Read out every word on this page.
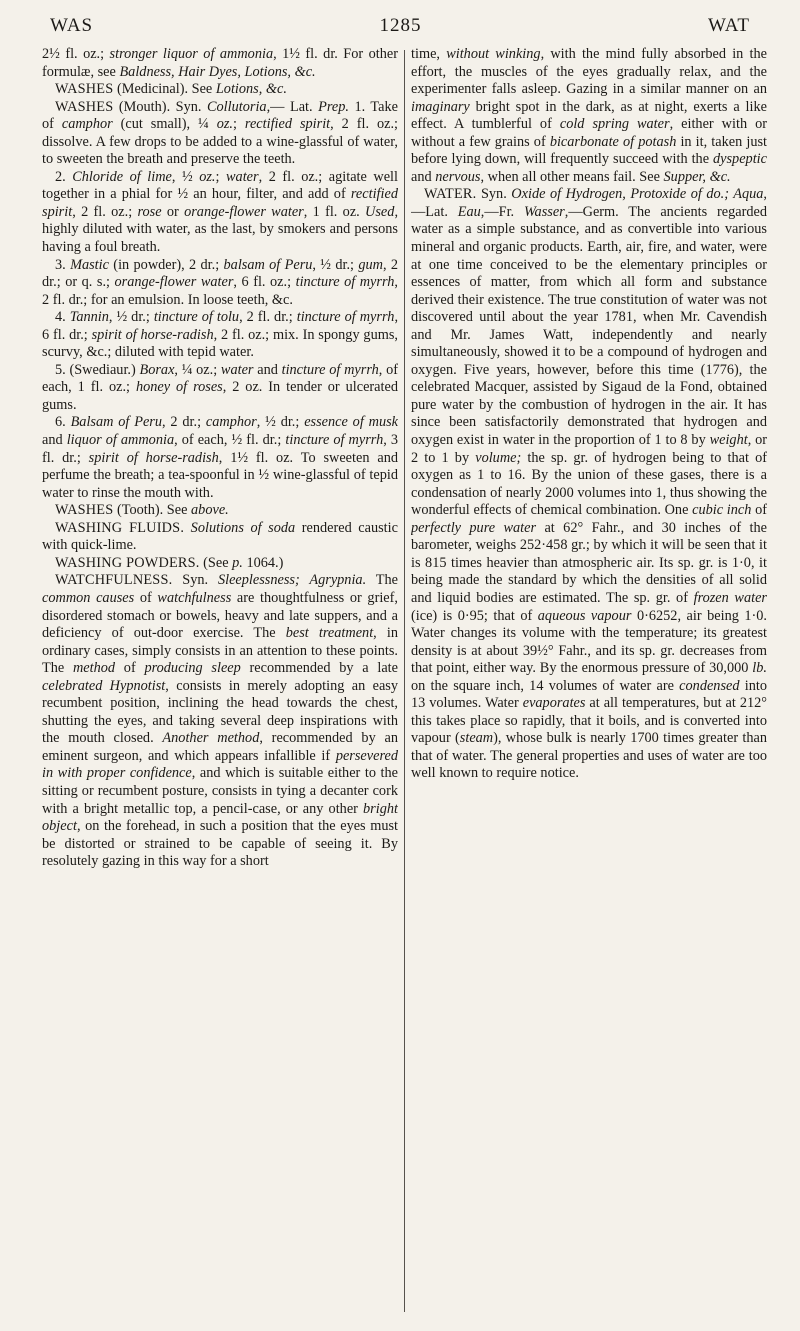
WAS	1285	WAT

2½ fl. oz.; stronger liquor of ammonia, 1½ fl. dr. For other formulæ, see Baldness, Hair Dyes, Lotions, &c.

WASHES (Medicinal). See Lotions, &c.

WASHES (Mouth). Syn. Collutoria,— Lat. Prep. 1. Take of camphor (cut small), ¼ oz.; rectified spirit, 2 fl. oz.; dissolve. A few drops to be added to a wine-glassful of water, to sweeten the breath and preserve the teeth.

2. Chloride of lime, ½ oz.; water, 2 fl. oz.; agitate well together in a phial for ½ an hour, filter, and add of rectified spirit, 2 fl. oz.; rose or orange-flower water, 1 fl. oz. Used, highly diluted with water, as the last, by smokers and persons having a foul breath.

3. Mastic (in powder), 2 dr.; balsam of Peru, ½ dr.; gum, 2 dr.; or q. s.; orange-flower water, 6 fl. oz.; tincture of myrrh, 2 fl. dr.; for an emulsion. In loose teeth, &c.

4. Tannin, ½ dr.; tincture of tolu, 2 fl. dr.; tincture of myrrh, 6 fl. dr.; spirit of horse-radish, 2 fl. oz.; mix. In spongy gums, scurvy, &c.; diluted with tepid water.

5. (Swediaur.) Borax, ¼ oz.; water and tincture of myrrh, of each, 1 fl. oz.; honey of roses, 2 oz. In tender or ulcerated gums.

6. Balsam of Peru, 2 dr.; camphor, ½ dr.; essence of musk and liquor of ammonia, of each, ½ fl. dr.; tincture of myrrh, 3 fl. dr.; spirit of horse-radish, 1½ fl. oz. To sweeten and perfume the breath; a tea-spoonful in ½ wine-glassful of tepid water to rinse the mouth with.

WASHES (Tooth). See above.

WASHING FLUIDS. Solutions of soda rendered caustic with quick-lime.

WASHING POWDERS. (See p. 1064.)

WATCHFULNESS. Syn. Sleeplessness; Agrypnia. The common causes of watchfulness are thoughtfulness or grief, disordered stomach or bowels, heavy and late suppers, and a deficiency of out-door exercise. The best treatment, in ordinary cases, simply consists in an attention to these points. The method of producing sleep recommended by a late celebrated Hypnotist, consists in merely adopting an easy recumbent position, inclining the head towards the chest, shutting the eyes, and taking several deep inspirations with the mouth closed. Another method, recommended by an eminent surgeon, and which appears infallible if persevered in with proper confidence, and which is suitable either to the sitting or recumbent posture, consists in tying a decanter cork with a bright metallic top, a pencil-case, or any other bright object, on the forehead, in such a position that the eyes must be distorted or strained to be capable of seeing it. By resolutely gazing in this way for a short

time, without winking, with the mind fully absorbed in the effort, the muscles of the eyes gradually relax, and the experimenter falls asleep. Gazing in a similar manner on an imaginary bright spot in the dark, as at night, exerts a like effect. A tumblerful of cold spring water, either with or without a few grains of bicarbonate of potash in it, taken just before lying down, will frequently succeed with the dyspeptic and nervous, when all other means fail. See Supper, &c.

WATER. Syn. Oxide of Hydrogen, Protoxide of do.; Aqua,—Lat. Eau,—Fr. Wasser,—Germ. The ancients regarded water as a simple substance, and as convertible into various mineral and organic products. Earth, air, fire, and water, were at one time conceived to be the elementary principles or essences of matter, from which all form and substance derived their existence. The true constitution of water was not discovered until about the year 1781, when Mr. Cavendish and Mr. James Watt, independently and nearly simultaneously, showed it to be a compound of hydrogen and oxygen. Five years, however, before this time (1776), the celebrated Macquer, assisted by Sigaud de la Fond, obtained pure water by the combustion of hydrogen in the air. It has since been satisfactorily demonstrated that hydrogen and oxygen exist in water in the proportion of 1 to 8 by weight, or 2 to 1 by volume; the sp. gr. of hydrogen being to that of oxygen as 1 to 16. By the union of these gases, there is a condensation of nearly 2000 volumes into 1, thus showing the wonderful effects of chemical combination. One cubic inch of perfectly pure water at 62° Fahr., and 30 inches of the barometer, weighs 252·458 gr.; by which it will be seen that it is 815 times heavier than atmospheric air. Its sp. gr. is 1·0, it being made the standard by which the densities of all solid and liquid bodies are estimated. The sp. gr. of frozen water (ice) is 0·95; that of aqueous vapour 0·6252, air being 1·0. Water changes its volume with the temperature; its greatest density is at about 39½° Fahr., and its sp. gr. decreases from that point, either way. By the enormous pressure of 30,000 lb. on the square inch, 14 volumes of water are condensed into 13 volumes. Water evaporates at all temperatures, but at 212° this takes place so rapidly, that it boils, and is converted into vapour (steam), whose bulk is nearly 1700 times greater than that of water. The general properties and uses of water are too well known to require notice.
